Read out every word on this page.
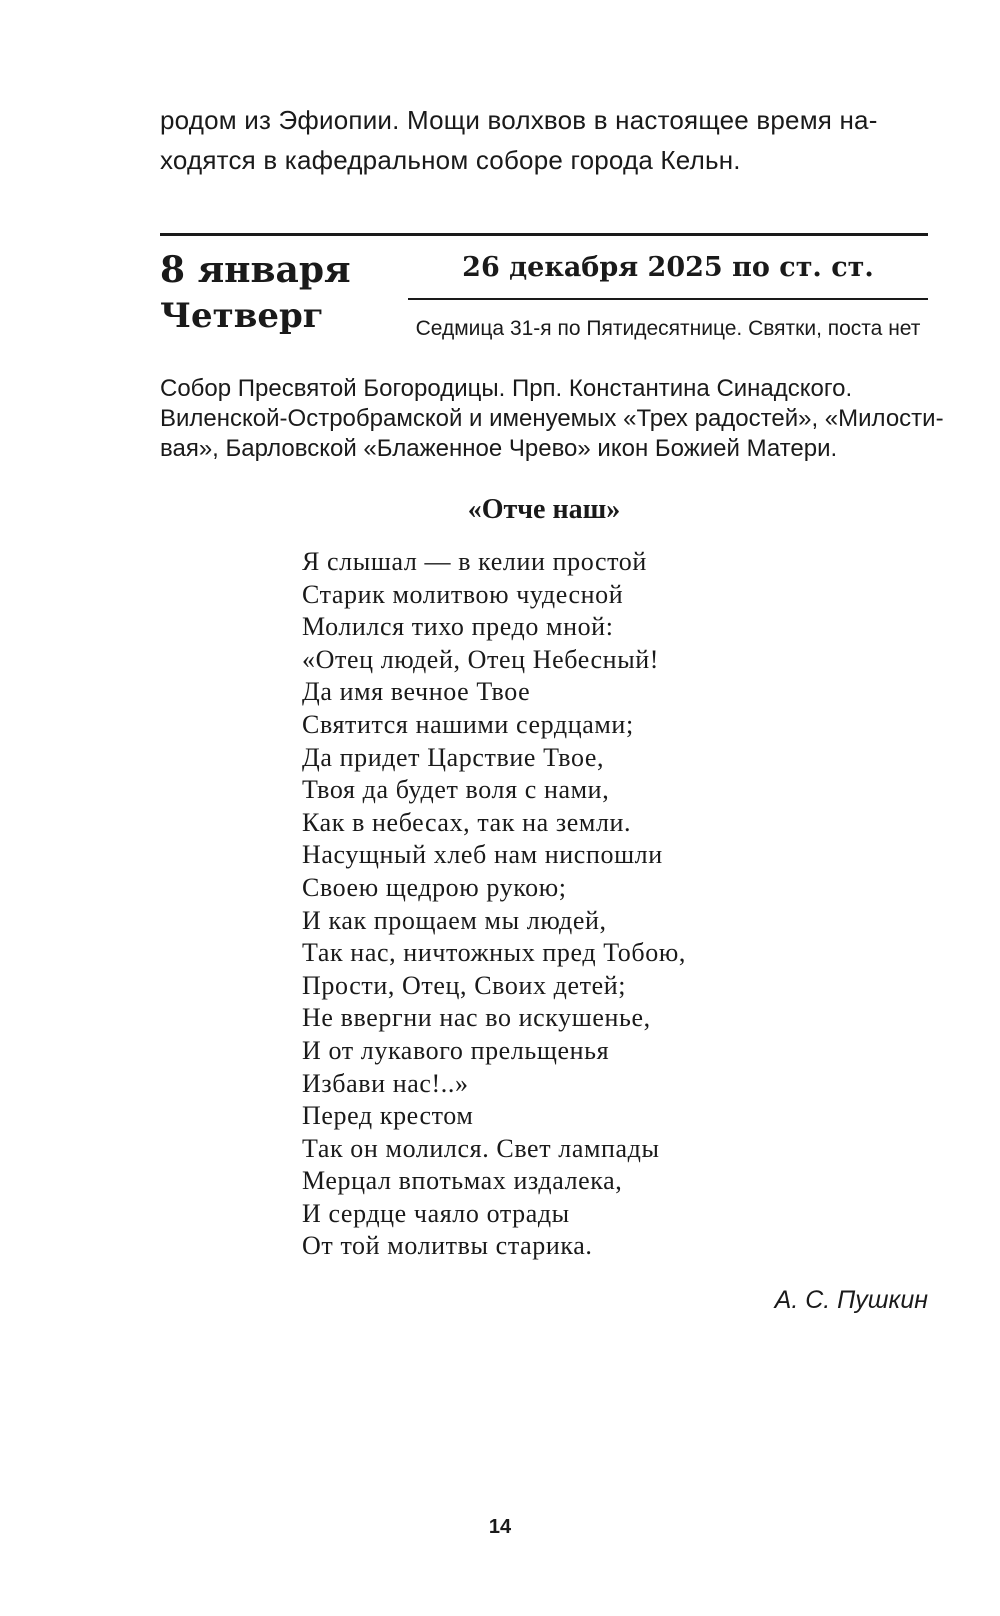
родом из Эфиопии. Мощи волхвов в настоящее время на-
ходятся в кафедральном соборе города Кельн.
8 января
Четверг
26 декабря 2025 по ст. ст.
Седмица 31-я по Пятидесятнице. Святки, поста нет
Собор Пресвятой Богородицы. Прп. Константина Синадского.
Виленской-Остробрамской и именуемых «Трех радостей», «Милости-
вая», Барловской «Блаженное Чрево» икон Божией Матери.
«Отче наш»
Я слышал — в келии простой
Старик молитвою чудесной
Молился тихо предо мной:
«Отец людей, Отец Небесный!
Да имя вечное Твое
Святится нашими сердцами;
Да придет Царствие Твое,
Твоя да будет воля с нами,
Как в небесах, так на земли.
Насущный хлеб нам ниспошли
Своею щедрою рукою;
И как прощаем мы людей,
Так нас, ничтожных пред Тобою,
Прости, Отец, Своих детей;
Не ввергни нас во искушенье,
И от лукавого прельщенья
Избави нас!..»
Перед крестом
Так он молился. Свет лампады
Мерцал впотьмах издалека,
И сердце чаяло отрады
От той молитвы старика.
А. С. Пушкин
14
